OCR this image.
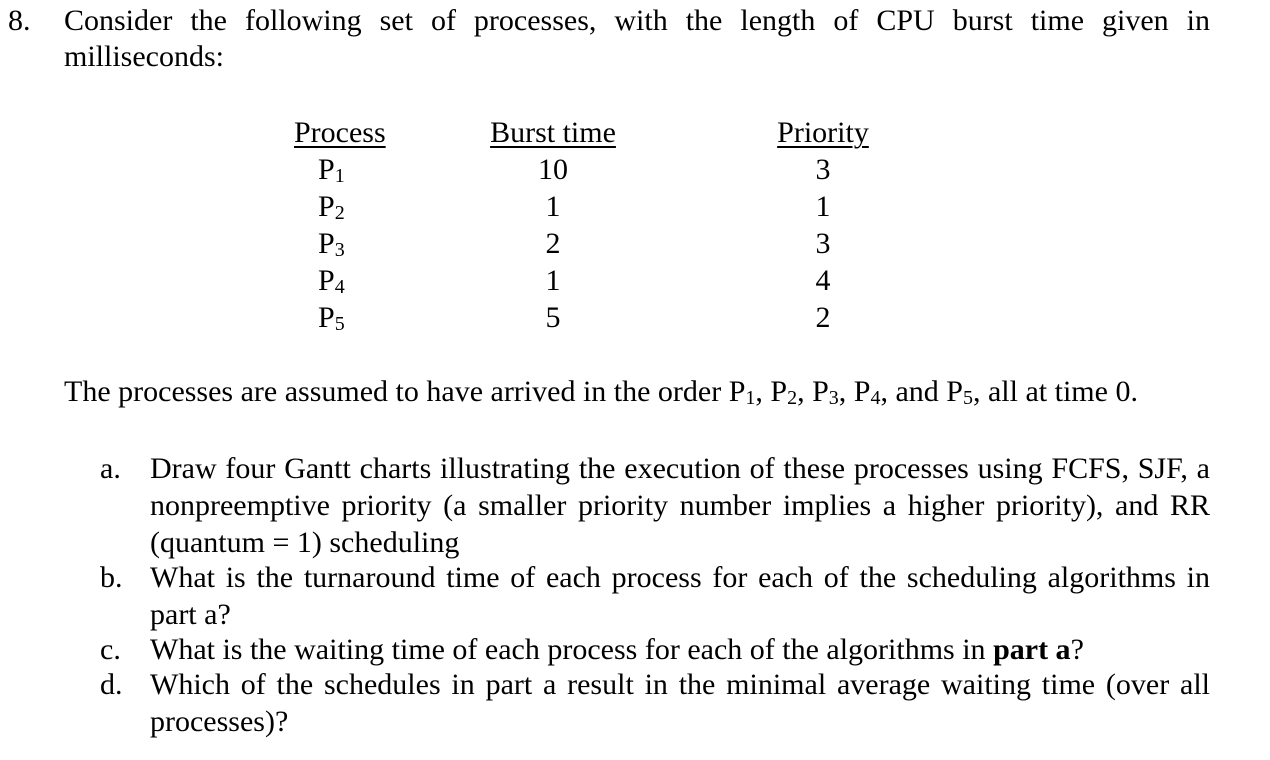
8. Consider the following set of processes, with the length of CPU burst time given in milliseconds:
Process
$P_1$
$P_2$
$P_3$
$P_4$
$P_5$
Burst time
10
1
2
1
5
Priority
3
1
3
4
2
The processes are assumed to have arrived in the order $P_1$, $P_2$, $P_3$, $P_4$, and $P_5$, all at time 0.
a. Draw four Gantt charts illustrating the execution of these processes using FCFS, SJF, a nonpreemptive priority (a smaller priority number implies a higher priority), and RR (quantum = 1) scheduling
b. What is the turnaround time of each process for each of the scheduling algorithms in part a?
c. What is the waiting time of each process for each of the algorithms in part a?
d. Which of the schedules in part a result in the minimal average waiting time (over all processes)?
